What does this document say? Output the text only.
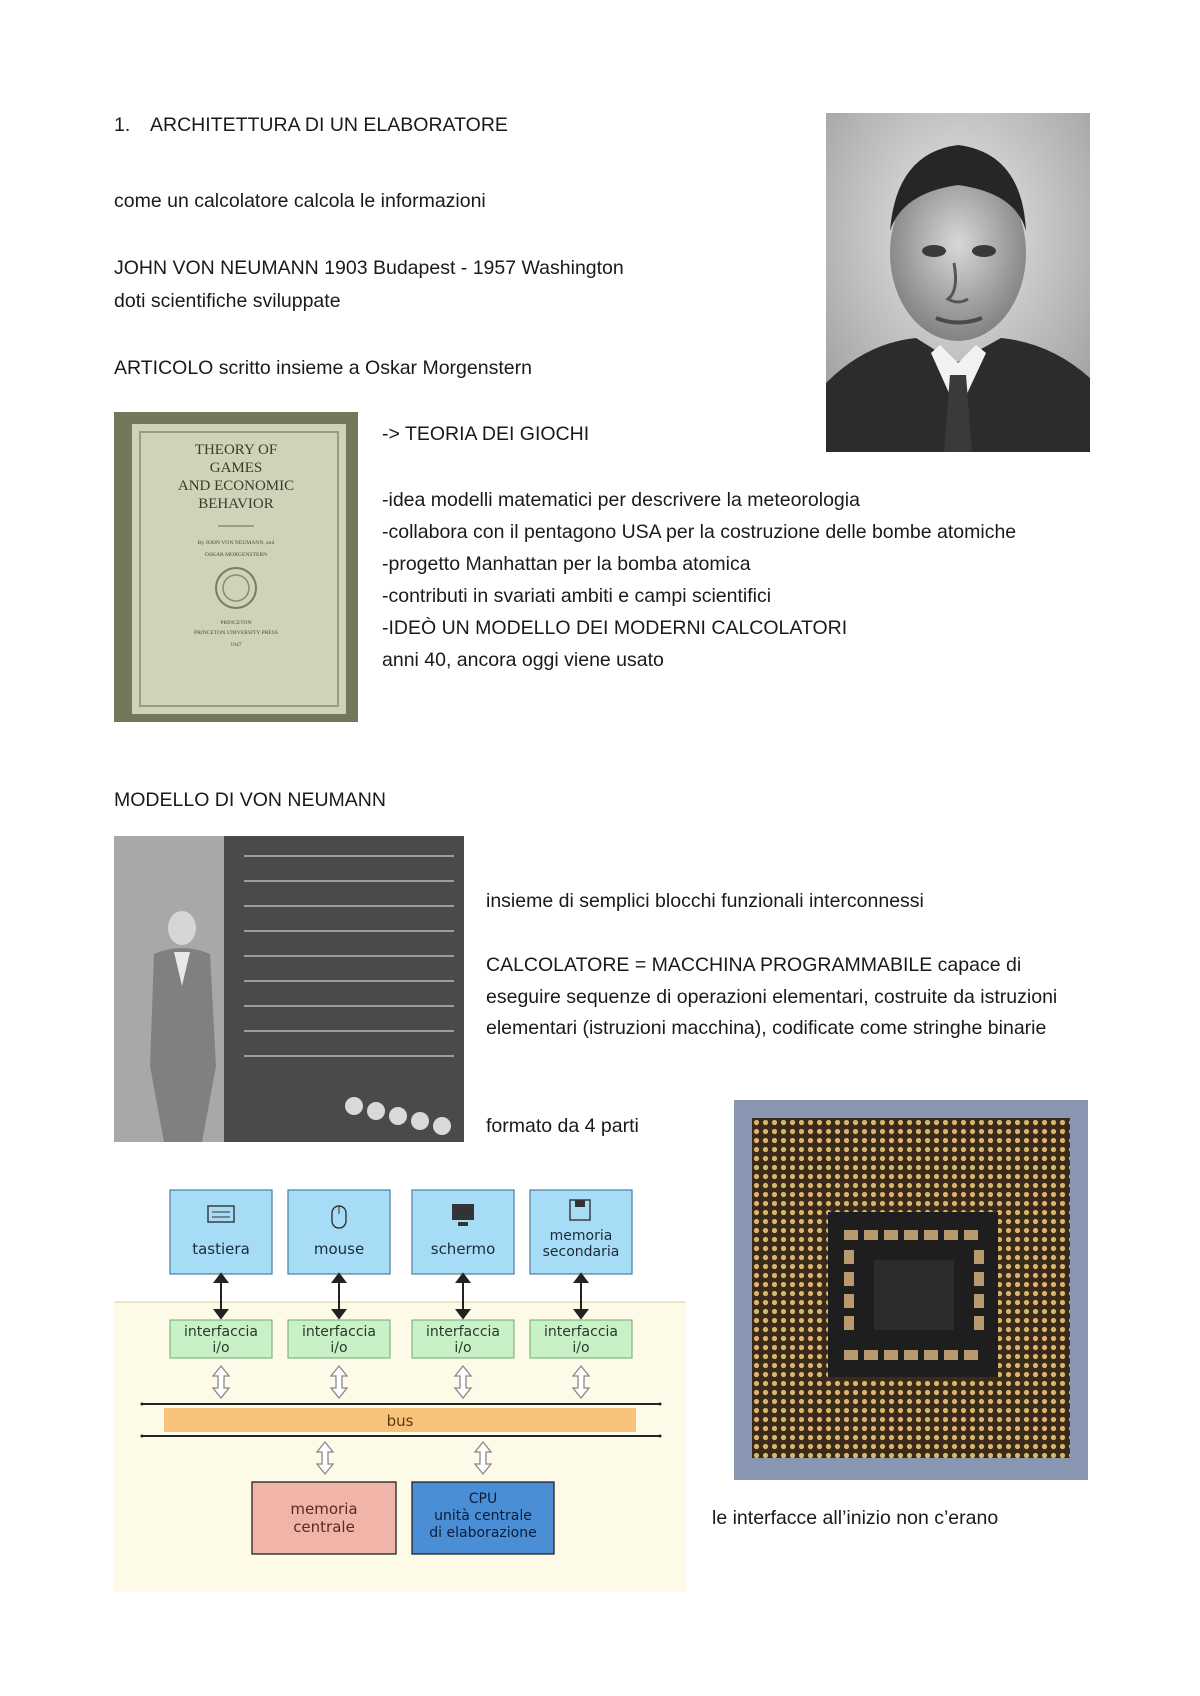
1. ARCHITETTURA DI UN ELABORATORE
come un calcolatore calcola le informazioni
JOHN VON NEUMANN 1903 Budapest - 1957 Washington
doti scientifiche sviluppate
ARTICOLO scritto insieme a Oskar Morgenstern
THEORY OF
GAMES
AND ECONOMIC
BEHAVIOR
By JOHN VON NEUMANN, and
OSKAR MORGENSTERN
PRINCETON
PRINCETON UNIVERSITY PRESS
1947
-> TEORIA DEI GIOCHI
-idea modelli matematici per descrivere la meteorologia
-collabora con il pentagono USA per la costruzione delle bombe atomiche
-progetto Manhattan per la bomba atomica
-contributi in svariati ambiti e campi scientifici
-IDEÒ UN MODELLO DEI MODERNI CALCOLATORI
anni 40, ancora oggi viene usato
MODELLO DI VON NEUMANN
insieme di semplici blocchi funzionali interconnessi
CALCOLATORE = MACCHINA PROGRAMMABILE capace di eseguire sequenze di operazioni elementari, costruite da istruzioni elementari (istruzioni macchina), codificate come stringhe binarie
formato da 4 parti
le interfacce all’inizio non c’erano
tastiera	mouse	schermo
memoria
secondaria
interfaccia
i/o
interfaccia
i/o
interfaccia
i/o
interfaccia
i/o
bus
memoria
centrale
CPU
unità centrale
di elaborazione
